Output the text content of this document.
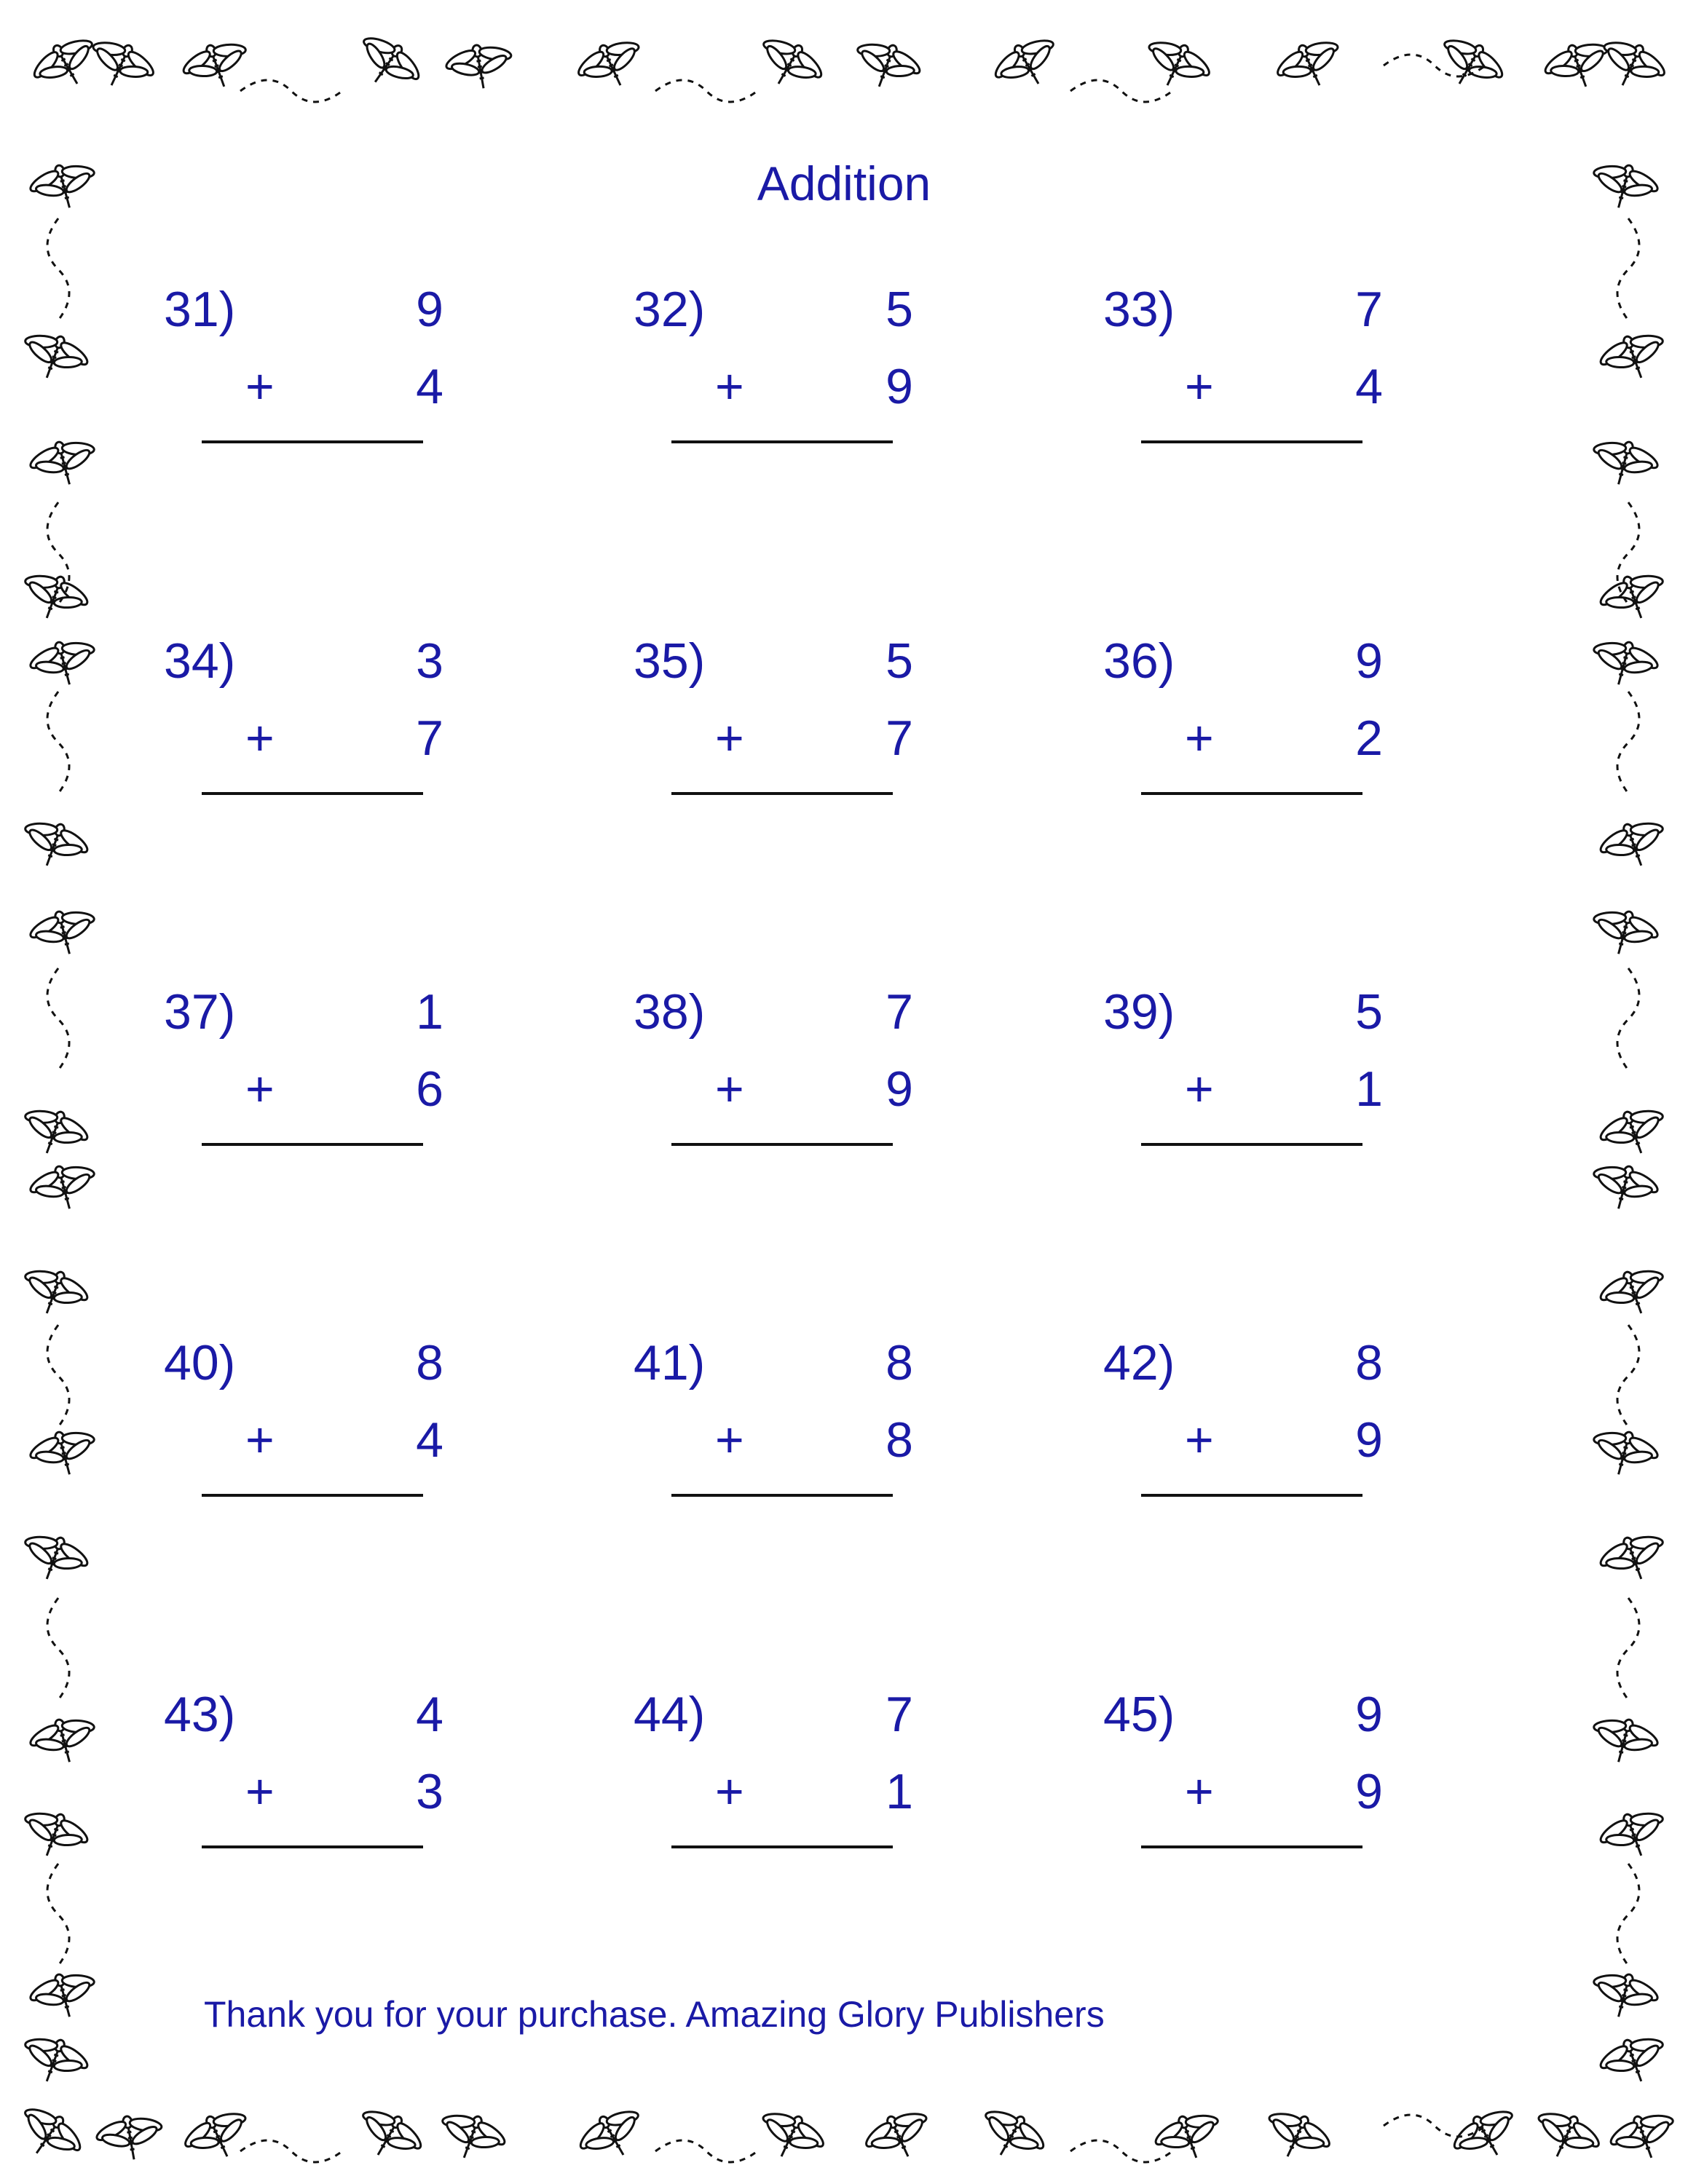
Addition
31)	9
+	4
32)	5
+	9
33)	7
+	4
34)	3
+	7
35)	5
+	7
36)	9
+	2
37)	1
+	6
38)	7
+	9
39)	5
+	1
40)	8
+	4
41)	8
+	8
42)	8
+	9
43)	4
+	3
44)	7
+	1
45)	9
+	9
Thank you for your purchase. Amazing Glory Publishers
